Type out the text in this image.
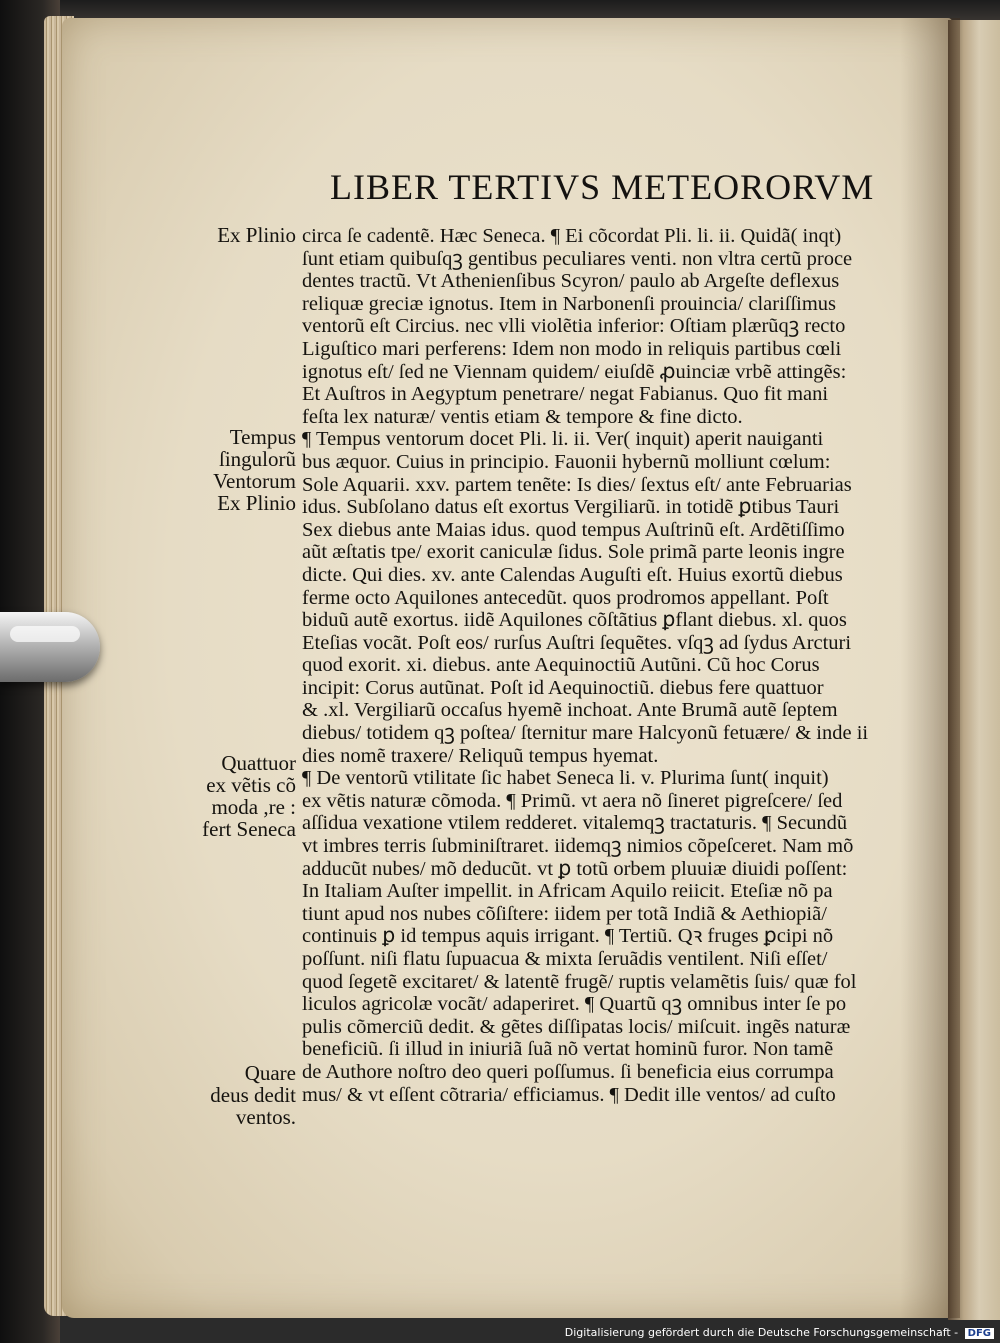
LIBER TERTIVS METEORORVM
Ex Plinio
Tempus
ſingulorũ
Ventorum
Ex Plinio
Quattuor
ex vẽtis cõ
moda ,re :
fert Seneca
Quare
deus dedit
ventos.
circa ſe cadentẽ. Hæc Seneca. ¶ Ei cõcordat Pli. li. ii. Quidã( inqt)
ſunt etiam quibuſqꝫ gentibus peculiares venti. non vltra certũ proce
dentes tractũ. Vt Athenienſibus Scyron/ paulo ab Argeſte deflexus
reliquæ greciæ ignotus. Item in Narbonenſi prouincia/ clariſſimus
ventorũ eſt Circius. nec vlli violẽtia inferior: Oſtiam plærũqꝫ recto
Liguſtico mari perferens: Idem non modo in reliquis partibus cœli
ignotus eſt/ ſed ne Viennam quidem/ eiuſdẽ ꝓuinciæ vrbẽ attingẽs:
Et Auſtros in Aegyptum penetrare/ negat Fabianus. Quo fit mani
feſta lex naturæ/ ventis etiam & tempore & fine dicto.
¶ Tempus ventorum docet Pli. li. ii. Ver( inquit) aperit nauiganti
bus æquor. Cuius in principio. Fauonii hybernũ molliunt cœlum:
Sole Aquarii. xxv. partem tenẽte: Is dies/ ſextus eſt/ ante Februarias
idus. Subſolano datus eſt exortus Vergiliarũ. in totidẽ ꝑtibus Tauri
Sex diebus ante Maias idus. quod tempus Auſtrinũ eſt. Ardẽtiſſimo
aũt æſtatis tpe/ exorit caniculæ ſidus. Sole primã parte leonis ingre
dicte. Qui dies. xv. ante Calendas Auguſti eſt. Huius exortũ diebus
ferme octo Aquilones antecedũt. quos prodromos appellant. Poſt
biduũ autẽ exortus. iidẽ Aquilones cõſtãtius ꝑflant diebus. xl. quos
Eteſias vocãt. Poſt eos/ rurſus Auſtri ſequẽtes. vſqꝫ ad ſydus Arcturi
quod exorit. xi. diebus. ante Aequinoctiũ Autũni. Cũ hoc Corus
incipit: Corus autũnat. Poſt id Aequinoctiũ. diebus fere quattuor
& .xl. Vergiliarũ occaſus hyemẽ inchoat. Ante Brumã autẽ ſeptem
diebus/ totidem qꝫ poſtea/ ſternitur mare Halcyonũ fetuære/ & inde ii
dies nomẽ traxere/ Reliquũ tempus hyemat.
¶ De ventorũ vtilitate ſic habet Seneca li. v. Plurima ſunt( inquit)
ex vẽtis naturæ cõmoda. ¶ Primũ. vt aera nõ ſineret pigreſcere/ ſed
aſſidua vexatione vtilem redderet. vitalemqꝫ tractaturis. ¶ Secundũ
vt imbres terris ſubminiſtraret. iidemqꝫ nimios cõpeſceret. Nam mõ
adducũt nubes/ mõ deducũt. vt ꝑ totũ orbem pluuiæ diuidi poſſent:
In Italiam Auſter impellit. in Africam Aquilo reiicit. Eteſiæ nõ pa
tiunt apud nos nubes cõſiſtere: iidem per totã Indiã & Aethiopiã/
continuis ꝑ id tempus aquis irrigant. ¶ Tertiũ. Qꝛ fruges ꝑcipi nõ
poſſunt. niſi flatu ſupuacua & mixta ſeruãdis ventilent. Niſi eſſet/
quod ſegetẽ excitaret/ & latentẽ frugẽ/ ruptis velamẽtis ſuis/ quæ fol
liculos agricolæ vocãt/ adaperiret. ¶ Quartũ qꝫ omnibus inter ſe po
pulis cõmerciũ dedit. & gẽtes diſſipatas locis/ miſcuit. ingẽs naturæ
beneficiũ. ſi illud in iniuriã ſuã nõ vertat hominũ furor. Non tamẽ
de Authore noſtro deo queri poſſumus. ſi beneficia eius corrumpa
mus/ & vt eſſent cõtraria/ efficiamus. ¶ Dedit ille ventos/ ad cuſto
Digitalisierung gefördert durch die Deutsche Forschungsgemeinschaft - DFG
